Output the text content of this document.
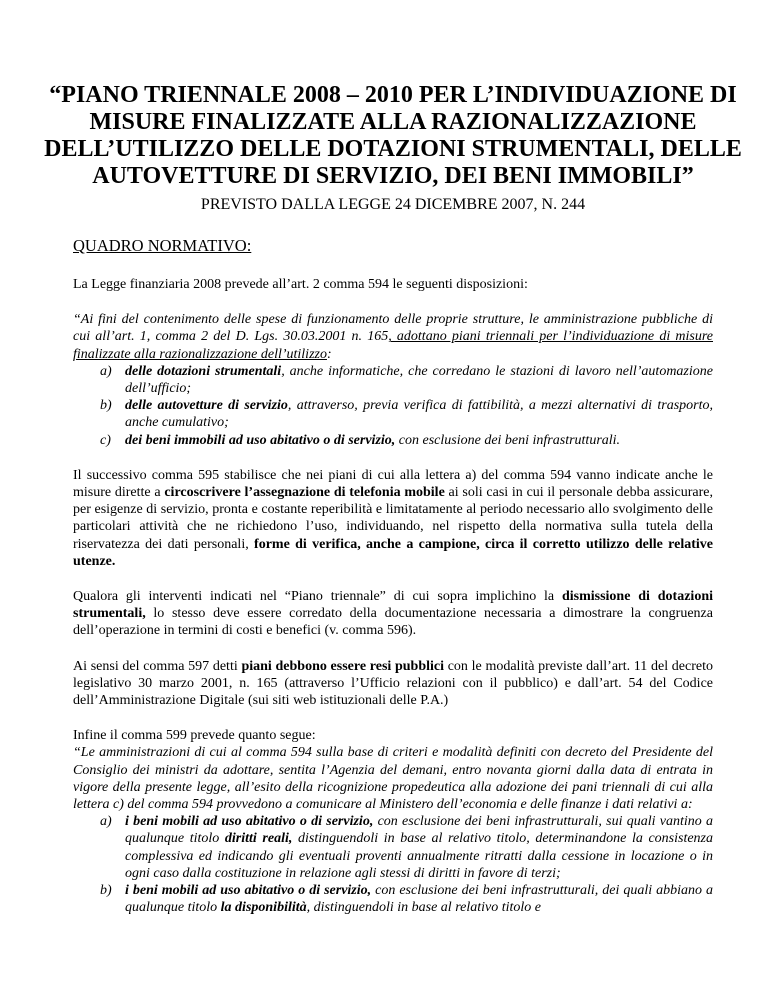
“PIANO TRIENNALE 2008 – 2010 PER L’INDIVIDUAZIONE DI MISURE FINALIZZATE ALLA RAZIONALIZZAZIONE DELL’UTILIZZO DELLE DOTAZIONI STRUMENTALI, DELLE AUTOVETTURE DI SERVIZIO, DEI BENI IMMOBILI”
PREVISTO DALLA LEGGE 24 DICEMBRE 2007, N. 244
QUADRO NORMATIVO:

La Legge finanziaria 2008 prevede all’art. 2 comma 594 le seguenti disposizioni:

“Ai fini del contenimento delle spese di funzionamento delle proprie strutture, le amministrazione pubbliche di cui all’art. 1, comma 2 del D. Lgs. 30.03.2001 n. 165, adottano piani triennali per l’individuazione di misure finalizzate alla razionalizzazione dell’utilizzo:

a) delle dotazioni strumentali, anche informatiche, che corredano le stazioni di lavoro nell’automazione dell’ufficio;
b) delle autovetture di servizio, attraverso, previa verifica di fattibilità, a mezzi alternativi di trasporto, anche cumulativo;
c) dei beni immobili ad uso abitativo o di servizio, con esclusione dei beni infrastrutturali.

Il successivo comma 595 stabilisce che nei piani di cui alla lettera a) del comma 594 vanno indicate anche le misure dirette a circoscrivere l’assegnazione di telefonia mobile ai soli casi in cui il personale debba assicurare, per esigenze di servizio, pronta e costante reperibilità e limitatamente al periodo necessario allo svolgimento delle particolari attività che ne richiedono l’uso, individuando, nel rispetto della normativa sulla tutela della riservatezza dei dati personali, forme di verifica, anche a campione, circa il corretto utilizzo delle relative utenze.

Qualora gli interventi indicati nel “Piano triennale” di cui sopra implichino la dismissione di dotazioni strumentali, lo stesso deve essere corredato della documentazione necessaria a dimostrare la congruenza dell’operazione in termini di costi e benefici (v. comma 596).

Ai sensi del comma 597 detti piani debbono essere resi pubblici con le modalità previste dall’art. 11 del decreto legislativo 30 marzo 2001, n. 165 (attraverso l’Ufficio relazioni con il pubblico) e dall’art. 54 del Codice dell’Amministrazione Digitale (sui siti web istituzionali delle P.A.)

Infine il comma 599 prevede quanto segue:

“Le amministrazioni di cui al comma 594 sulla base di criteri e modalità definiti con decreto del Presidente del Consiglio dei ministri da adottare, sentita l’Agenzia del demani, entro novanta giorni dalla data di entrata in vigore della presente legge, all’esito della ricognizione propedeutica alla adozione dei pani triennali di cui alla lettera c) del comma 594 provvedono a comunicare al Ministero dell’economia e delle finanze i dati relativi a:

a) i beni mobili ad uso abitativo o di servizio, con esclusione dei beni infrastrutturali, sui quali vantino a qualunque titolo diritti reali, distinguendoli in base al relativo titolo, determinandone la consistenza complessiva ed indicando gli eventuali proventi annualmente ritratti dalla cessione in locazione o in ogni caso dalla costituzione in relazione agli stessi di diritti in favore di terzi;
b) i beni mobili ad uso abitativo o di servizio, con esclusione dei beni infrastrutturali, dei quali abbiano a qualunque titolo la disponibilità, distinguendoli in base al relativo titolo e
